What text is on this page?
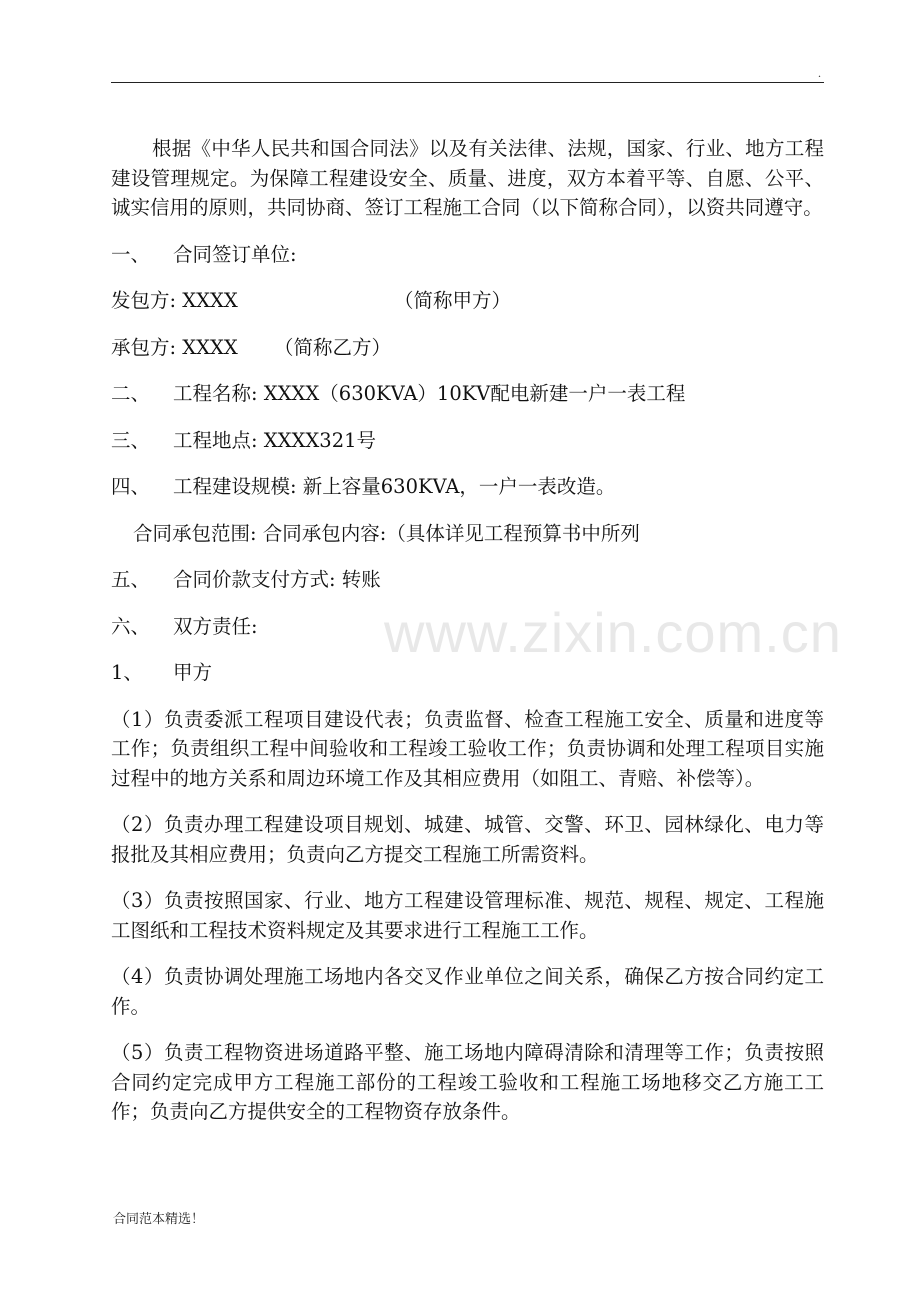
.
www.zixin.com.cn

根据《中华人民共和国合同法》以及有关法律、法规，国家、行业、地方工程建设管理规定。为保障工程建设安全、质量、进度，双方本着平等、自愿、公平、诚实信用的原则，共同协商、签订工程施工合同（以下简称合同），以资共同遵守。

一、	合同签订单位:
发包方: XXXX	（简称甲方）
承包方: XXXX （简称乙方）
二、	工程名称: XXXX（630KVA）10KV配电新建一户一表工程
三、	工程地点: XXXX321号
四、	工程建设规模: 新上容量630KVA，一户一表改造。
合同承包范围: 合同承包内容:（具体详见工程预算书中所列
五、	合同价款支付方式: 转账
六、	双方责任:
1、	甲方

（1）负责委派工程项目建设代表；负责监督、检查工程施工安全、质量和进度等工作；负责组织工程中间验收和工程竣工验收工作；负责协调和处理工程项目实施过程中的地方关系和周边环境工作及其相应费用（如阻工、青赔、补偿等）。

（2）负责办理工程建设项目规划、城建、城管、交警、环卫、园林绿化、电力等报批及其相应费用；负责向乙方提交工程施工所需资料。

（3）负责按照国家、行业、地方工程建设管理标准、规范、规程、规定、工程施工图纸和工程技术资料规定及其要求进行工程施工工作。

（4）负责协调处理施工场地内各交叉作业单位之间关系，确保乙方按合同约定工作。

（5）负责工程物资进场道路平整、施工场地内障碍清除和清理等工作；负责按照合同约定完成甲方工程施工部份的工程竣工验收和工程施工场地移交乙方施工工作；负责向乙方提供安全的工程物资存放条件。

合同范本精选！
